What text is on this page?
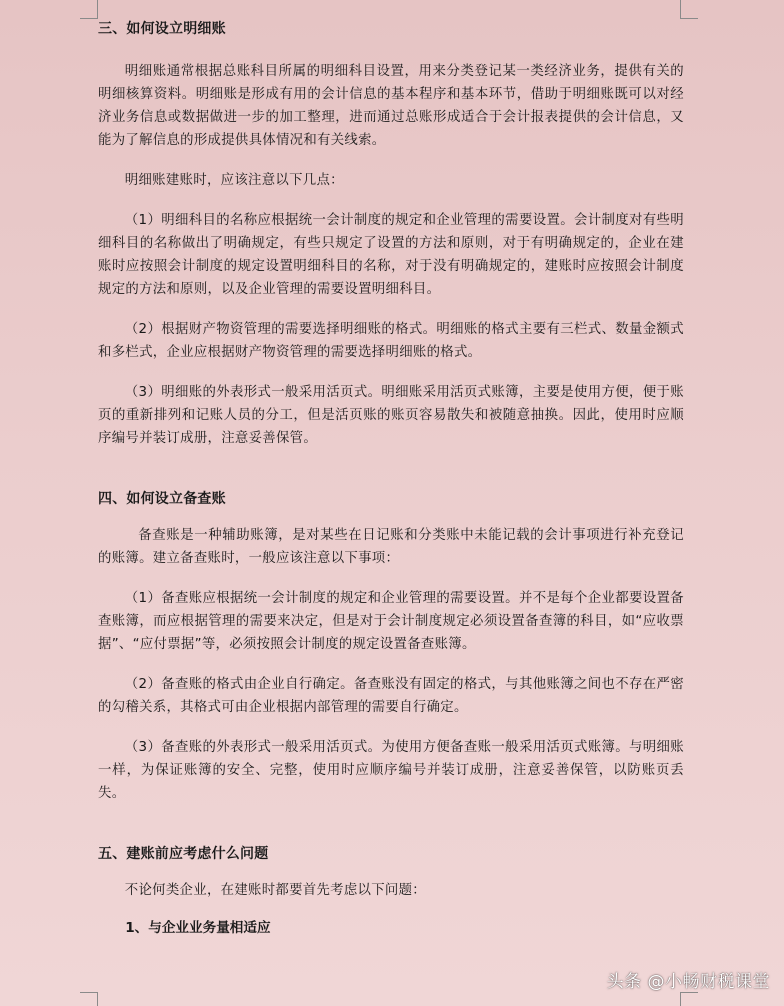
三、如何设立明细账

明细账通常根据总账科目所属的明细科目设置，用来分类登记某一类经济业务，提供有关的明细核算资料。明细账是形成有用的会计信息的基本程序和基本环节，借助于明细账既可以对经济业务信息或数据做进一步的加工整理，进而通过总账形成适合于会计报表提供的会计信息，又能为了解信息的形成提供具体情况和有关线索。

明细账建账时，应该注意以下几点：

（1）明细科目的名称应根据统一会计制度的规定和企业管理的需要设置。会计制度对有些明细科目的名称做出了明确规定，有些只规定了设置的方法和原则，对于有明确规定的，企业在建账时应按照会计制度的规定设置明细科目的名称，对于没有明确规定的，建账时应按照会计制度规定的方法和原则，以及企业管理的需要设置明细科目。

（2）根据财产物资管理的需要选择明细账的格式。明细账的格式主要有三栏式、数量金额式和多栏式，企业应根据财产物资管理的需要选择明细账的格式。

（3）明细账的外表形式一般采用活页式。明细账采用活页式账簿，主要是使用方便，便于账页的重新排列和记账人员的分工，但是活页账的账页容易散失和被随意抽换。因此，使用时应顺序编号并装订成册，注意妥善保管。

四、如何设立备查账

备查账是一种辅助账簿，是对某些在日记账和分类账中未能记载的会计事项进行补充登记的账簿。建立备查账时，一般应该注意以下事项：

（1）备查账应根据统一会计制度的规定和企业管理的需要设置。并不是每个企业都要设置备查账簿，而应根据管理的需要来决定，但是对于会计制度规定必须设置备查簿的科目，如“应收票据”、“应付票据”等，必须按照会计制度的规定设置备查账簿。

（2）备查账的格式由企业自行确定。备查账没有固定的格式，与其他账簿之间也不存在严密的勾稽关系，其格式可由企业根据内部管理的需要自行确定。

（3）备查账的外表形式一般采用活页式。为使用方便备查账一般采用活页式账簿。与明细账一样，为保证账簿的安全、完整，使用时应顺序编号并装订成册，注意妥善保管，以防账页丢失。

五、建账前应考虑什么问题

不论何类企业，在建账时都要首先考虑以下问题：

1、与企业业务量相适应

头条 @小畅财税课堂
